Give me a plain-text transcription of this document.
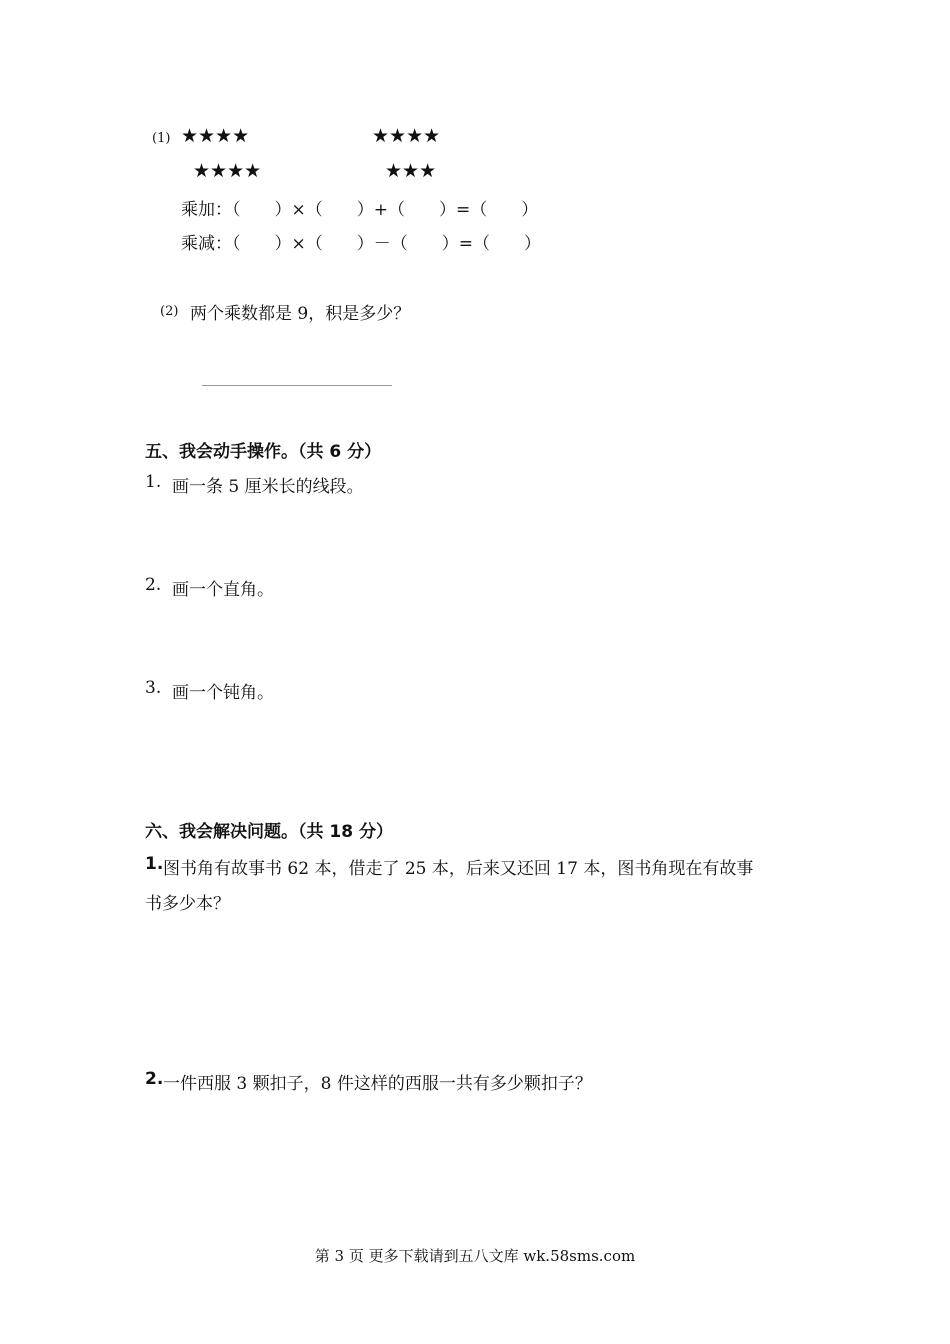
(1) ★★★★	★★★★
★★★★	★★★
乘加：（　　）×（　　）+（　　）=（　　）
乘减：（　　）×（　　）－（　　）=（　　）
(2) 两个乘数都是 9，积是多少？
五、我会动手操作。（共 6 分）
1. 画一条 5 厘米长的线段。
2. 画一个直角。
3. 画一个钝角。
六、我会解决问题。（共 18 分）
1. 图书角有故事书 62 本，借走了 25 本，后来又还回 17 本，图书角现在有故事
书多少本？
2. 一件西服 3 颗扣子，8 件这样的西服一共有多少颗扣子？
第 3 页 更多下载请到五八文库 wk.58sms.com
